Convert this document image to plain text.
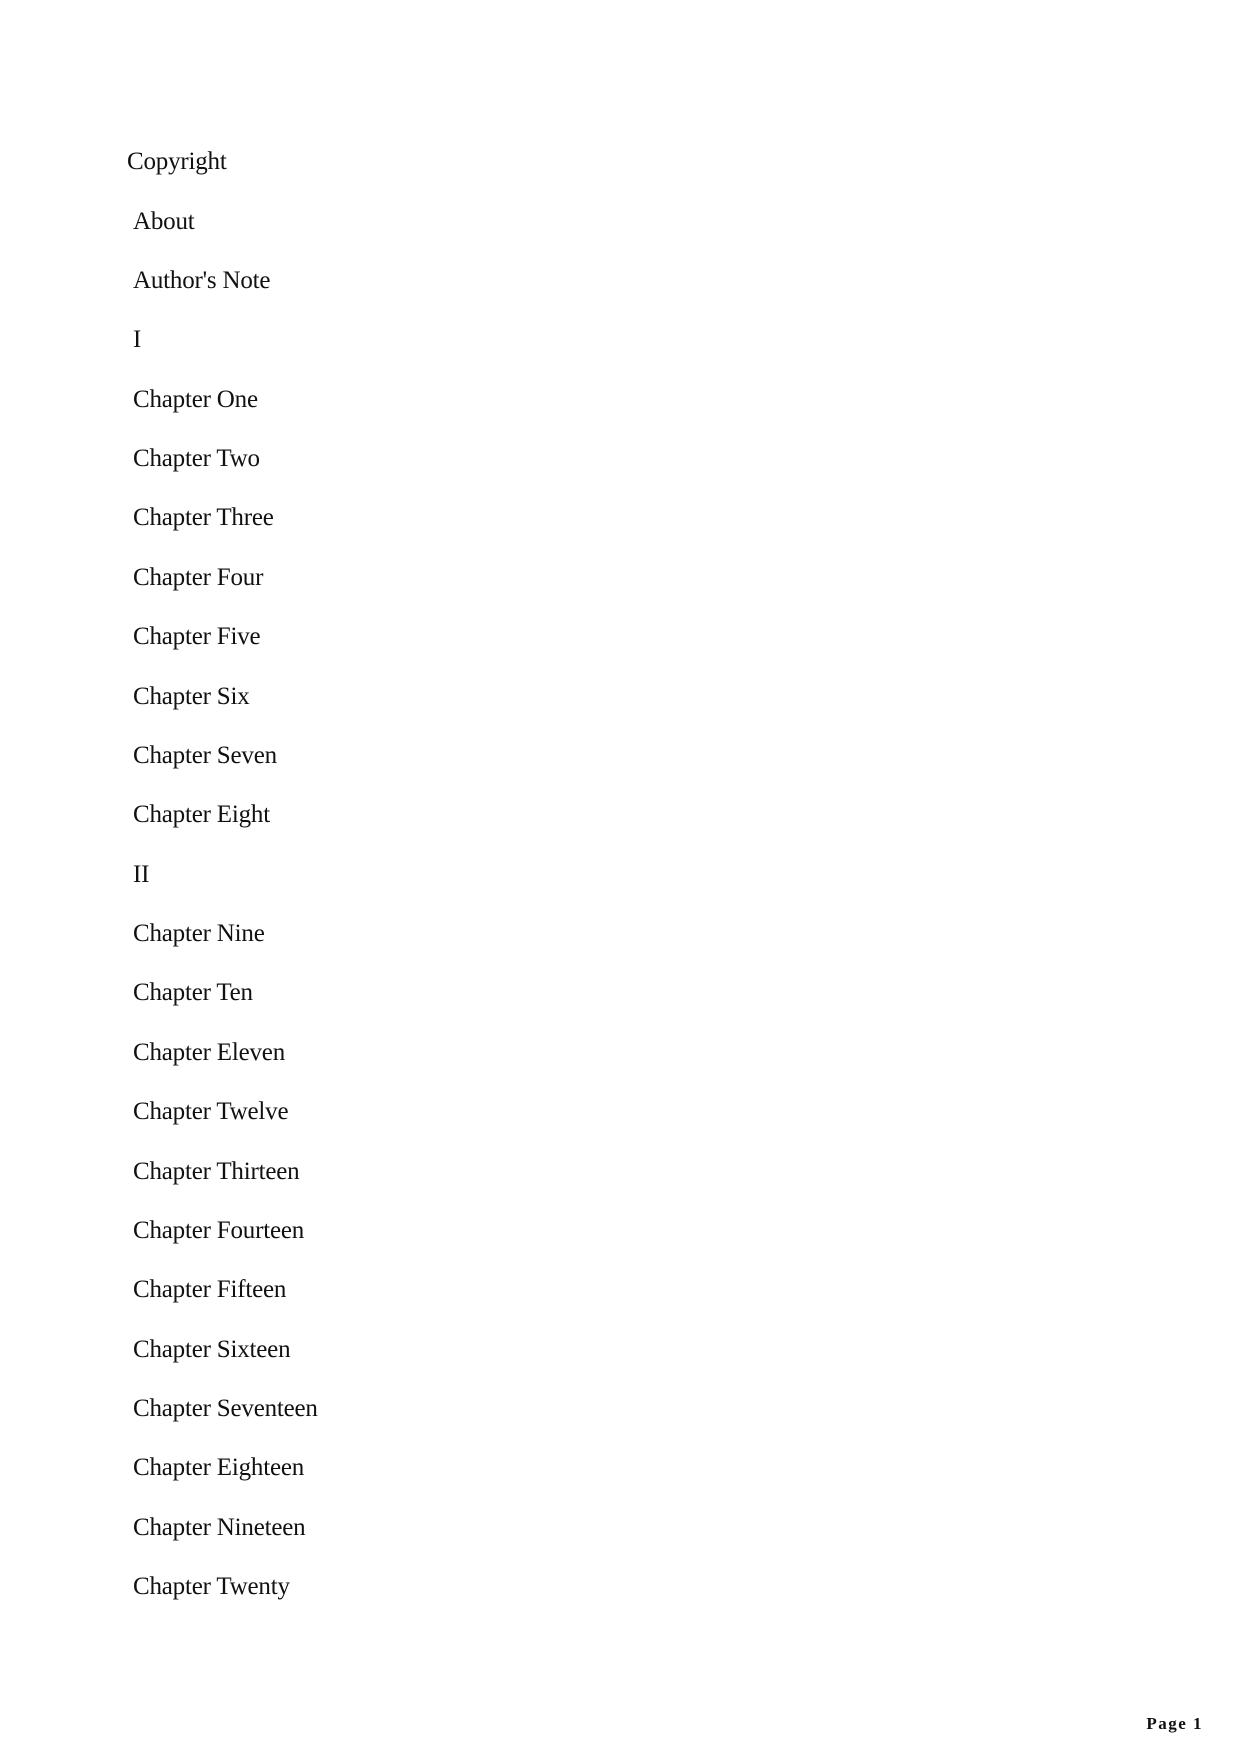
Copyright
About
Author's Note
I
Chapter One
Chapter Two
Chapter Three
Chapter Four
Chapter Five
Chapter Six
Chapter Seven
Chapter Eight
II
Chapter Nine
Chapter Ten
Chapter Eleven
Chapter Twelve
Chapter Thirteen
Chapter Fourteen
Chapter Fifteen
Chapter Sixteen
Chapter Seventeen
Chapter Eighteen
Chapter Nineteen
Chapter Twenty
Page 1
